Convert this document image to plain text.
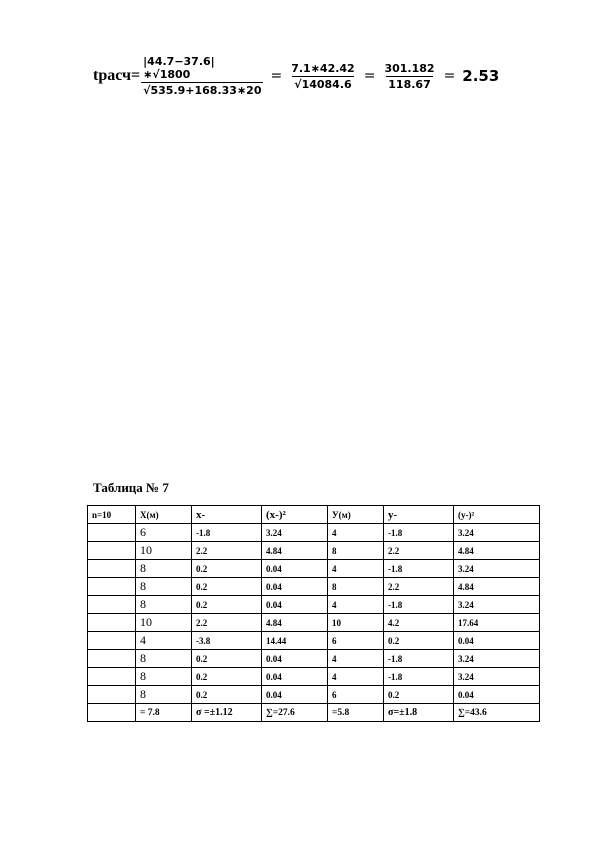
tрасч= $\frac{|44.7-37.6|∗√1800}{√535.9+168.33∗20} = \frac{7.1∗42.42}{√14084.6} = \frac{301.182}{118.67} = 2.53$
Таблица № 7
n=10	Х(м)	х-	(х-)²	У(м)	у-	(у-)²
	6	-1.8	3.24	4	-1.8	3.24
	10	2.2	4.84	8	2.2	4.84
	8	0.2	0.04	4	-1.8	3.24
	8	0.2	0.04	8	2.2	4.84
	8	0.2	0.04	4	-1.8	3.24
	10	2.2	4.84	10	4.2	17.64
	4	-3.8	14.44	6	0.2	0.04
	8	0.2	0.04	4	-1.8	3.24
	8	0.2	0.04	4	-1.8	3.24
	8	0.2	0.04	6	0.2	0.04
	= 7.8	σ =±1.12	∑=27.6	=5.8	σ=±1.8	∑=43.6
